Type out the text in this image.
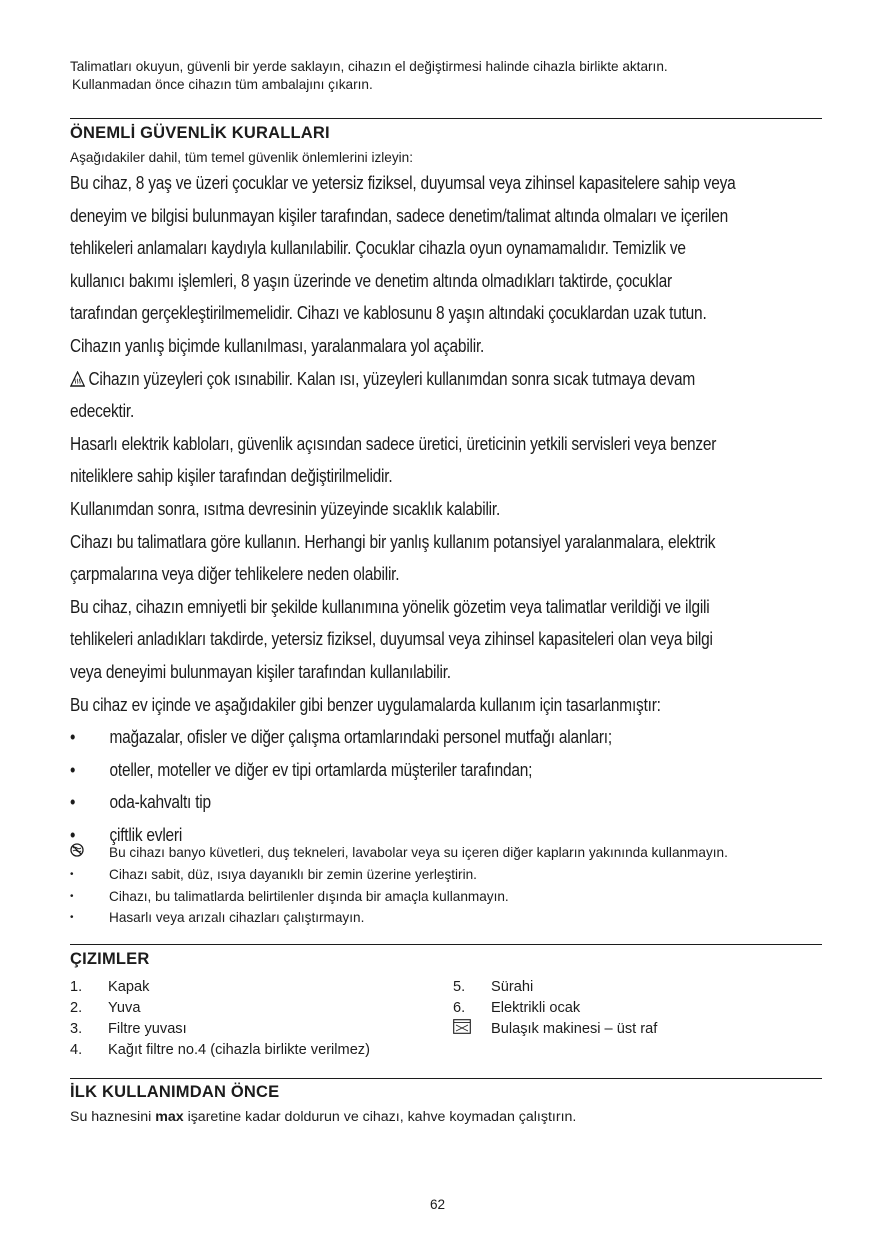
Talimatları okuyun, güvenli bir yerde saklayın, cihazın el değiştirmesi halinde cihazla birlikte aktarın.

Kullanmadan önce cihazın tüm ambalajını çıkarın.

ÖNEMLİ GÜVENLİK KURALLARI
Aşağıdakiler dahil, tüm temel güvenlik önlemlerini izleyin:

Bu cihaz, 8 yaş ve üzeri çocuklar ve yetersiz fiziksel, duyumsal veya zihinsel kapasitelere sahip veya

deneyim ve bilgisi bulunmayan kişiler tarafından, sadece denetim/talimat altında olmaları ve içerilen

tehlikeleri anlamaları kaydıyla kullanılabilir. Çocuklar cihazla oyun oynamamalıdır. Temizlik ve

kullanıcı bakımı işlemleri, 8 yaşın üzerinde ve denetim altında olmadıkları taktirde, çocuklar

tarafından gerçekleştirilmemelidir. Cihazı ve kablosunu 8 yaşın altındaki çocuklardan uzak tutun.

Cihazın yanlış biçimde kullanılması, yaralanmalara yol açabilir.

Cihazın yüzeyleri çok ısınabilir. Kalan ısı, yüzeyleri kullanımdan sonra sıcak tutmaya devam

edecektir.

Hasarlı elektrik kabloları, güvenlik açısından sadece üretici, üreticinin yetkili servisleri veya benzer

niteliklere sahip kişiler tarafından değiştirilmelidir.

Kullanımdan sonra, ısıtma devresinin yüzeyinde sıcaklık kalabilir.

Cihazı bu talimatlara göre kullanın. Herhangi bir yanlış kullanım potansiyel yaralanmalara, elektrik

çarpmalarına veya diğer tehlikelere neden olabilir.

Bu cihaz, cihazın emniyetli bir şekilde kullanımına yönelik gözetim veya talimatlar verildiği ve ilgili

tehlikeleri anladıkları takdirde, yetersiz fiziksel, duyumsal veya zihinsel kapasiteleri olan veya bilgi

veya deneyimi bulunmayan kişiler tarafından kullanılabilir.

Bu cihaz ev içinde ve aşağıdakiler gibi benzer uygulamalarda kullanım için tasarlanmıştır:

•	mağazalar, ofisler ve diğer çalışma ortamlarındaki personel mutfağı alanları;
•	oteller, moteller ve diğer ev tipi ortamlarda müşteriler tarafından;
•	oda-kahvaltı tip
•	çiftlik evleri
Bu cihazı banyo küvetleri, duş tekneleri, lavabolar veya su içeren diğer kapların yakınında kullanmayın.
•	Cihazı sabit, düz, ısıya dayanıklı bir zemin üzerine yerleştirin.
•	Cihazı, bu talimatlarda belirtilenler dışında bir amaçla kullanmayın.
•	Hasarlı veya arızalı cihazları çalıştırmayın.
ÇIZIMLER
1.	Kapak
2.	Yuva
3.	Filtre yuvası
4.	Kağıt filtre no.4 (cihazla birlikte verilmez)
5.	Sürahi
6.	Elektrikli ocak
Bulaşık makinesi – üst raf
İLK KULLANIMDAN ÖNCE
Su haznesini max işaretine kadar doldurun ve cihazı, kahve koymadan çalıştırın.
62
